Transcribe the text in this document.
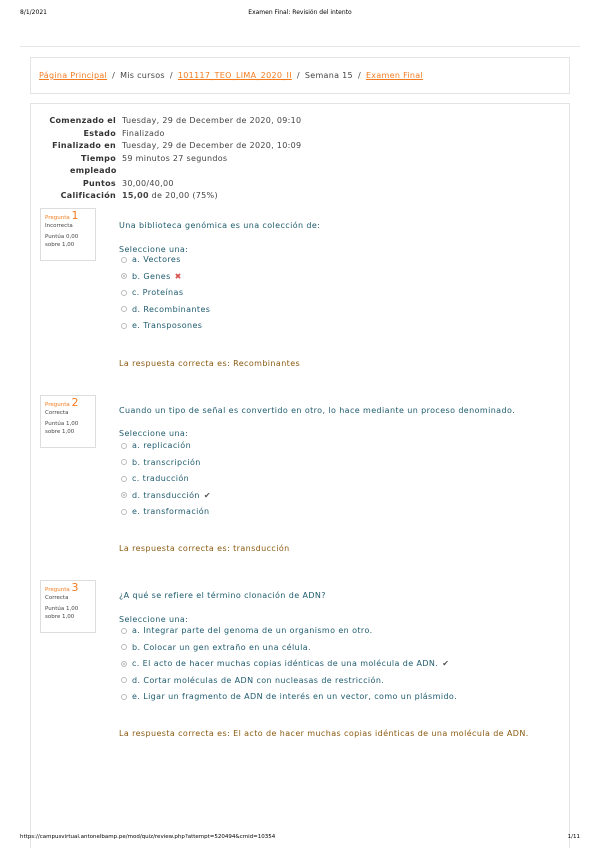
8/1/2021	Examen Final: Revisión del intento
Página Principal / Mis cursos / 101117_TEO_LIMA_2020_II / Semana 15 / Examen Final
Comenzado el Tuesday, 29 de December de 2020, 09:10
Estado Finalizado
Finalizado en Tuesday, 29 de December de 2020, 10:09
Tiempo empleado
59 minutos 27 segundos
Puntos 30,00/40,00
Calificación 15,00 de 20,00 (75%)
Pregunta 1
Incorrecta
Puntúa 0,00 sobre 1,00
Una biblioteca genómica es una colección de:
Seleccione una:
a. Vectores
b. Genes ✖
c. Proteínas
d. Recombinantes
e. Transposones
La respuesta correcta es: Recombinantes
Pregunta 2
Correcta
Puntúa 1,00 sobre 1,00
Cuando un tipo de señal es convertido en otro, lo hace mediante un proceso denominado.
Seleccione una:
a. replicación
b. transcripción
c. traducción
d. transducción ✔
e. transformación
La respuesta correcta es: transducción
Pregunta 3
Correcta
Puntúa 1,00 sobre 1,00
¿A qué se refiere el término clonación de ADN?
Seleccione una:
a. Integrar parte del genoma de un organismo en otro.
b. Colocar un gen extraño en una célula.
c. El acto de hacer muchas copias idénticas de una molécula de ADN. ✔
d. Cortar moléculas de ADN con nucleasas de restricción.
e. Ligar un fragmento de ADN de interés en un vector, como un plásmido.
La respuesta correcta es: El acto de hacer muchas copias idénticas de una molécula de ADN.
https://campusvirtual.antonelbamp.pe/mod/quiz/review.php?attempt=520494&cmid=10354	1/11
